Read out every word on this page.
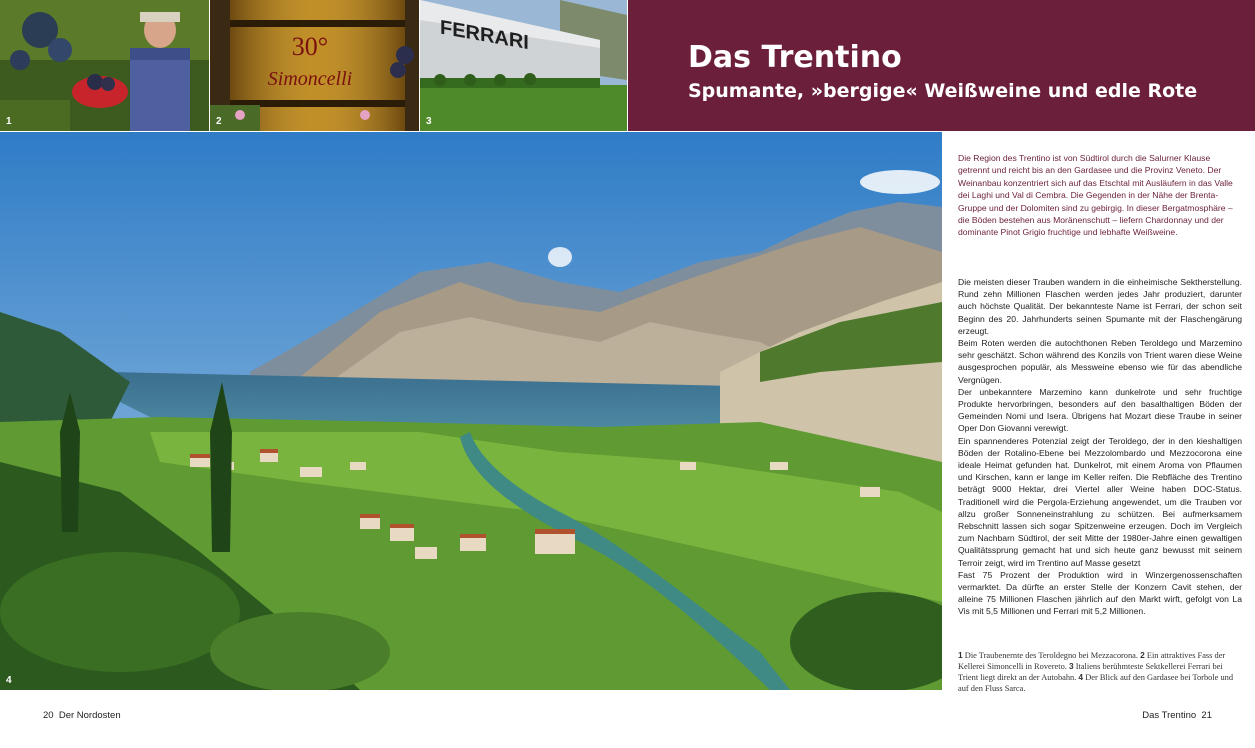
1
30°
Simoncelli
2
FERRARI
3
Das Trentino
Spumante, »bergige« Weißweine und edle Rote
4

Die Region des Trentino ist von Südtirol durch die Salurner Klause getrennt und reicht bis an den Gardasee und die Provinz Veneto. Der Weinanbau konzentriert sich auf das Etschtal mit Ausläufern in das Valle dei Laghi und Val di Cembra. Die Gegenden in der Nähe der Brenta-Gruppe und der Dolomiten sind zu gebirgig. In dieser Bergatmosphäre – die Böden bestehen aus Moränenschutt – liefern Chardonnay und der dominante Pinot Grigio fruchtige und lebhafte Weißweine.

Die meisten dieser Trauben wandern in die einheimische Sektherstellung. Rund zehn Millionen Flaschen werden jedes Jahr produziert, darunter auch höchste Qualität. Der bekannteste Name ist Ferrari, der schon seit Beginn des 20. Jahrhunderts seinen Spumante mit der Flaschengärung erzeugt.

Beim Roten werden die autochthonen Reben Teroldego und Marzemino sehr geschätzt. Schon während des Konzils von Trient waren diese Weine ausgesprochen populär, als Messweine ebenso wie für das abendliche Vergnügen.

Der unbekanntere Marzemino kann dunkelrote und sehr fruchtige Produkte hervorbringen, besonders auf den basalthaltigen Böden der Gemeinden Nomi und Isera. Übrigens hat Mozart diese Traube in seiner Oper Don Giovanni verewigt.

Ein spannenderes Potenzial zeigt der Teroldego, der in den kieshaltigen Böden der Rotalino-Ebene bei Mezzolombardo und Mezzocorona eine ideale Heimat gefunden hat. Dunkelrot, mit einem Aroma von Pflaumen und Kirschen, kann er lange im Keller reifen. Die Rebfläche des Trentino beträgt 9000 Hektar, drei Viertel aller Weine haben DOC-Status. Traditionell wird die Pergola-Erziehung angewendet, um die Trauben vor allzu großer Sonneneinstrahlung zu schützen. Bei aufmerksamem Rebschnitt lassen sich sogar Spitzenweine erzeugen. Doch im Vergleich zum Nachbarn Südtirol, der seit Mitte der 1980er-Jahre einen gewaltigen Qualitätssprung gemacht hat und sich heute ganz bewusst mit seinem Terroir zeigt, wird im Trentino auf Masse gesetzt

Fast 75 Prozent der Produktion wird in Winzergenossenschaften vermarktet. Da dürfte an erster Stelle der Konzern Cavit stehen, der alleine 75 Millionen Flaschen jährlich auf den Markt wirft, gefolgt von La Vis mit 5,5 Millionen und Ferrari mit 5,2 Millionen.

1 Die Traubenernte des Teroldegno bei Mezzacorona. 2 Ein attraktives Fass der Kellerei Simoncelli in Rovereto. 3 Italiens berühmteste Sektkellerei Ferrari bei Trient liegt direkt an der Autobahn. 4 Der Blick auf den Gardasee bei Torbole und auf den Fluss Sarca.

20  Der Nordosten	Das Trentino  21
